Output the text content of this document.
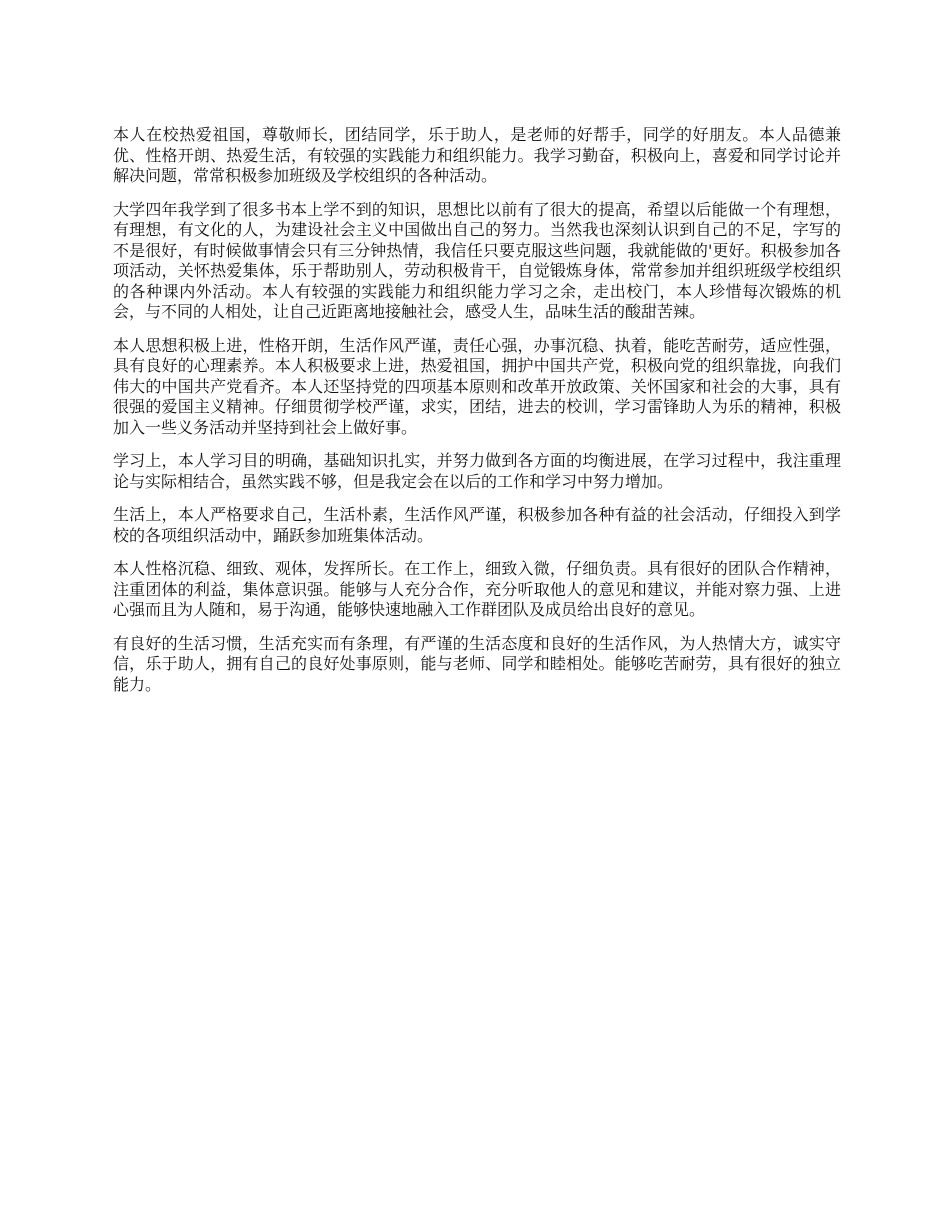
本人在校热爱祖国，尊敬师长，团结同学，乐于助人，是老师的好帮手，同学的好朋友。本人品德兼优、性格开朗、热爱生活，有较强的实践能力和组织能力。我学习勤奋，积极向上，喜爱和同学讨论并解决问题，常常积极参加班级及学校组织的各种活动。

大学四年我学到了很多书本上学不到的知识，思想比以前有了很大的提高，希望以后能做一个有理想，有理想，有文化的人，为建设社会主义中国做出自己的努力。当然我也深刻认识到自己的不足，字写的不是很好，有时候做事情会只有三分钟热情，我信任只要克服这些问题，我就能做的'更好。积极参加各项活动，关怀热爱集体，乐于帮助别人，劳动积极肯干，自觉锻炼身体，常常参加并组织班级学校组织的各种课内外活动。本人有较强的实践能力和组织能力学习之余，走出校门，本人珍惜每次锻炼的机会，与不同的人相处，让自己近距离地接触社会，感受人生，品味生活的酸甜苦辣。

本人思想积极上进，性格开朗，生活作风严谨，责任心强，办事沉稳、执着，能吃苦耐劳，适应性强，具有良好的心理素养。本人积极要求上进，热爱祖国，拥护中国共产党，积极向党的组织靠拢，向我们伟大的中国共产党看齐。本人还坚持党的四项基本原则和改革开放政策、关怀国家和社会的大事，具有很强的爱国主义精神。仔细贯彻学校严谨，求实，团结，进去的校训，学习雷锋助人为乐的精神，积极加入一些义务活动并坚持到社会上做好事。

学习上，本人学习目的明确，基础知识扎实，并努力做到各方面的均衡进展，在学习过程中，我注重理论与实际相结合，虽然实践不够，但是我定会在以后的工作和学习中努力增加。

生活上，本人严格要求自己，生活朴素，生活作风严谨，积极参加各种有益的社会活动，仔细投入到学校的各项组织活动中，踊跃参加班集体活动。

本人性格沉稳、细致、观体，发挥所长。在工作上，细致入微，仔细负责。具有很好的团队合作精神，注重团体的利益，集体意识强。能够与人充分合作，充分听取他人的意见和建议，并能对察力强、上进心强而且为人随和，易于沟通，能够快速地融入工作群团队及成员给出良好的意见。

有良好的生活习惯，生活充实而有条理，有严谨的生活态度和良好的生活作风，为人热情大方，诚实守信，乐于助人，拥有自己的良好处事原则，能与老师、同学和睦相处。能够吃苦耐劳，具有很好的独立能力。
